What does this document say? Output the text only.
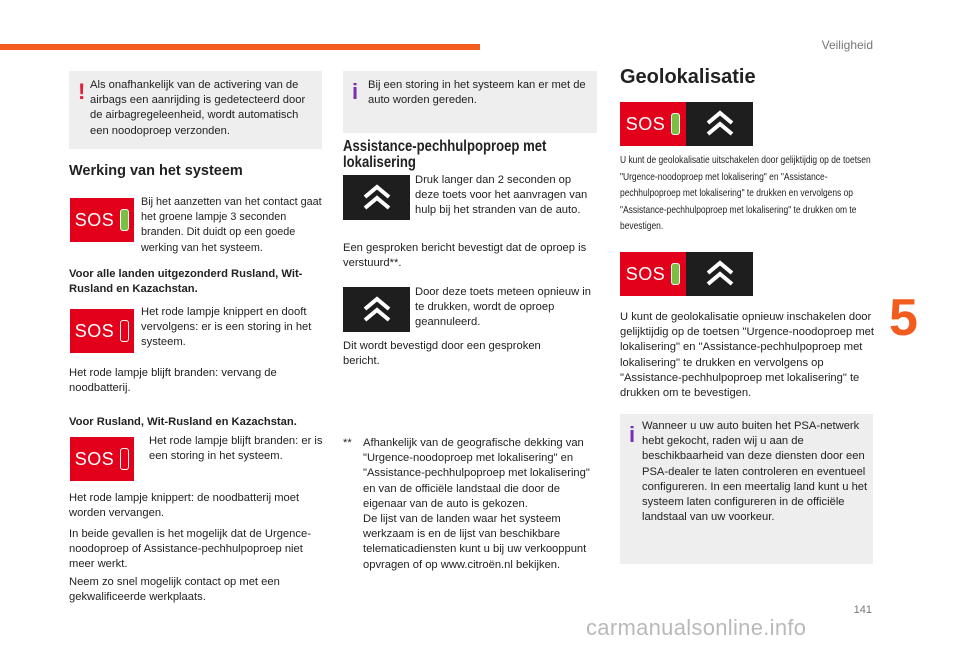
Veiligheid
5
141
carmanualsonline.info
! Als onafhankelijk van de activering van de airbags een aanrijding is gedetecteerd door de airbagregeleenheid, wordt automatisch een noodoproep verzonden.
Werking van het systeem
SOS
Bij het aanzetten van het contact gaat het groene lampje 3 seconden branden. Dit duidt op een goede werking van het systeem.
Voor alle landen uitgezonderd Rusland, Wit-Rusland en Kazachstan.
SOS
Het rode lampje knippert en dooft vervolgens: er is een storing in het systeem.
Het rode lampje blijft branden: vervang de noodbatterij.
Voor Rusland, Wit-Rusland en Kazachstan.
SOS
Het rode lampje blijft branden: er is een storing in het systeem.
Het rode lampje knippert: de noodbatterij moet worden vervangen.
In beide gevallen is het mogelijk dat de Urgence-noodoproep of Assistance-pechhulpoproep niet meer werkt.
Neem zo snel mogelijk contact op met een gekwalificeerde werkplaats.
i Bij een storing in het systeem kan er met de auto worden gereden.
Assistance-pechhulpoproep met lokalisering
Druk langer dan 2 seconden op deze toets voor het aanvragen van hulp bij het stranden van de auto.
Een gesproken bericht bevestigt dat de oproep is verstuurd**.
Door deze toets meteen opnieuw in te drukken, wordt de oproep geannuleerd.
Dit wordt bevestigd door een gesproken bericht.
** Afhankelijk van de geografische dekking van "Urgence-noodoproep met lokalisering" en "Assistance-pechhulpoproep met lokalisering" en van de officiële landstaal die door de eigenaar van de auto is gekozen.
De lijst van de landen waar het systeem werkzaam is en de lijst van beschikbare telematicadiensten kunt u bij uw verkooppunt opvragen of op www.citroën.nl bekijken.
Geolokalisatie
SOS
U kunt de geolokalisatie uitschakelen door gelijktijdig op de toetsen "Urgence-noodoproep met lokalisering" en "Assistance-pechhulpoproep met lokalisering" te drukken en vervolgens op "Assistance-pechhulpoproep met lokalisering" te drukken om te bevestigen.
SOS
U kunt de geolokalisatie opnieuw inschakelen door gelijktijdig op de toetsen "Urgence-noodoproep met lokalisering" en "Assistance-pechhulpoproep met lokalisering" te drukken en vervolgens op "Assistance-pechhulpoproep met lokalisering" te drukken om te bevestigen.
i Wanneer u uw auto buiten het PSA-netwerk hebt gekocht, raden wij u aan de beschikbaarheid van deze diensten door een PSA-dealer te laten controleren en eventueel configureren. In een meertalig land kunt u het systeem laten configureren in de officiële landstaal van uw voorkeur.
